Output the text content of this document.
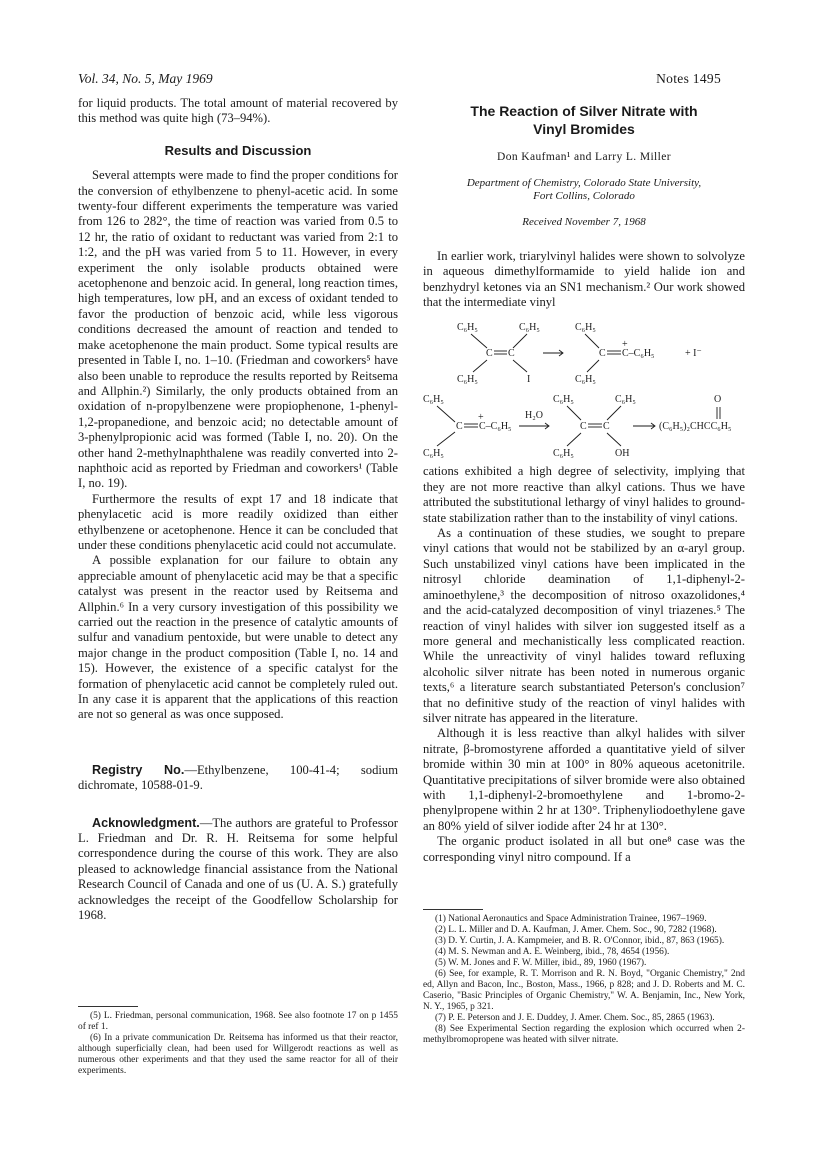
Vol. 34, No. 5, May 1969	Notes 1495

for liquid products. The total amount of material recovered by this method was quite high (73–94%).

Results and Discussion

Several attempts were made to find the proper conditions for the conversion of ethylbenzene to phenyl-acetic acid. In some twenty-four different experiments the temperature was varied from 126 to 282°, the time of reaction was varied from 0.5 to 12 hr, the ratio of oxidant to reductant was varied from 2:1 to 1:2, and the pH was varied from 5 to 11. However, in every experiment the only isolable products obtained were acetophenone and benzoic acid. In general, long reaction times, high temperatures, low pH, and an excess of oxidant tended to favor the production of benzoic acid, while less vigorous conditions decreased the amount of reaction and tended to make acetophenone the main product. Some typical results are presented in Table I, no. 1–10. (Friedman and coworkers⁵ have also been unable to reproduce the results reported by Reitsema and Allphin.²) Similarly, the only products obtained from an oxidation of n-propylbenzene were propiophenone, 1-phenyl-1,2-propanedione, and benzoic acid; no detectable amount of 3-phenylpropionic acid was formed (Table I, no. 20). On the other hand 2-methylnaphthalene was readily converted into 2-naphthoic acid as reported by Friedman and coworkers¹ (Table I, no. 19).

Furthermore the results of expt 17 and 18 indicate that phenylacetic acid is more readily oxidized than either ethylbenzene or acetophenone. Hence it can be concluded that under these conditions phenylacetic acid could not accumulate.

A possible explanation for our failure to obtain any appreciable amount of phenylacetic acid may be that a specific catalyst was present in the reactor used by Reitsema and Allphin.⁶ In a very cursory investigation of this possibility we carried out the reaction in the presence of catalytic amounts of sulfur and vanadium pentoxide, but were unable to detect any major change in the product composition (Table I, no. 14 and 15). However, the existence of a specific catalyst for the formation of phenylacetic acid cannot be completely ruled out. In any case it is apparent that the applications of this reaction are not so general as was once supposed.

Registry No.—Ethylbenzene, 100-41-4; sodium dichromate, 10588-01-9.

Acknowledgment.—The authors are grateful to Professor L. Friedman and Dr. R. H. Reitsema for some helpful correspondence during the course of this work. They are also pleased to acknowledge financial assistance from the National Research Council of Canada and one of us (U. A. S.) gratefully acknowledges the receipt of the Goodfellow Scholarship for 1968.

(5) L. Friedman, personal communication, 1968. See also footnote 17 on p 1455 of ref 1.

(6) In a private communication Dr. Reitsema has informed us that their reactor, although superficially clean, had been used for Willgerodt reactions as well as numerous other experiments and that they used the same reactor for all of their experiments.

The Reaction of Silver Nitrate with
Vinyl Bromides
Don Kaufman¹ and Larry L. Miller
Department of Chemistry, Colorado State University,
Fort Collins, Colorado
Received November 7, 1968

In earlier work, triarylvinyl halides were shown to solvolyze in aqueous dimethylformamide to yield halide ion and benzhydryl ketones via an SN1 mechanism.² Our work showed that the intermediate vinyl

C₆H₅	C₆H₅
C C
C₆H₅	I
C₆H₅
C
+
C–C₆H₅
C₆H₅
+ I⁻
C₆H₅
C
+
C–C₆H₅
C₆H₅
H₂O
C₆H₅	C₆H₅
C C
C₆H₅	OH
O
(C₆H₅)₂CHCC₆H₅

cations exhibited a high degree of selectivity, implying that they are not more reactive than alkyl cations. Thus we have attributed the substitutional lethargy of vinyl halides to ground-state stabilization rather than to the instability of vinyl cations.

As a continuation of these studies, we sought to prepare vinyl cations that would not be stabilized by an α-aryl group. Such unstabilized vinyl cations have been implicated in the nitrosyl chloride deamination of 1,1-diphenyl-2-aminoethylene,³ the decomposition of nitroso oxazolidones,⁴ and the acid-catalyzed decomposition of vinyl triazenes.⁵ The reaction of vinyl halides with silver ion suggested itself as a more general and mechanistically less complicated reaction. While the unreactivity of vinyl halides toward refluxing alcoholic silver nitrate has been noted in numerous organic texts,⁶ a literature search substantiated Peterson's conclusion⁷ that no definitive study of the reaction of vinyl halides with silver nitrate has appeared in the literature.

Although it is less reactive than alkyl halides with silver nitrate, β-bromostyrene afforded a quantitative yield of silver bromide within 30 min at 100° in 80% aqueous acetonitrile. Quantitative precipitations of silver bromide were also obtained with 1,1-diphenyl-2-bromoethylene and 1-bromo-2-phenylpropene within 2 hr at 130°. Triphenyliodoethylene gave an 80% yield of silver iodide after 24 hr at 130°.

The organic product isolated in all but one⁸ case was the corresponding vinyl nitro compound. If a

(1) National Aeronautics and Space Administration Trainee, 1967–1969.

(2) L. L. Miller and D. A. Kaufman, J. Amer. Chem. Soc., 90, 7282 (1968).

(3) D. Y. Curtin, J. A. Kampmeier, and B. R. O'Connor, ibid., 87, 863 (1965).

(4) M. S. Newman and A. E. Weinberg, ibid., 78, 4654 (1956).

(5) W. M. Jones and F. W. Miller, ibid., 89, 1960 (1967).

(6) See, for example, R. T. Morrison and R. N. Boyd, "Organic Chemistry," 2nd ed, Allyn and Bacon, Inc., Boston, Mass., 1966, p 828; and J. D. Roberts and M. C. Caserio, "Basic Principles of Organic Chemistry," W. A. Benjamin, Inc., New York, N. Y., 1965, p 321.

(7) P. E. Peterson and J. E. Duddey, J. Amer. Chem. Soc., 85, 2865 (1963).

(8) See Experimental Section regarding the explosion which occurred when 2-methylbromopropene was heated with silver nitrate.
